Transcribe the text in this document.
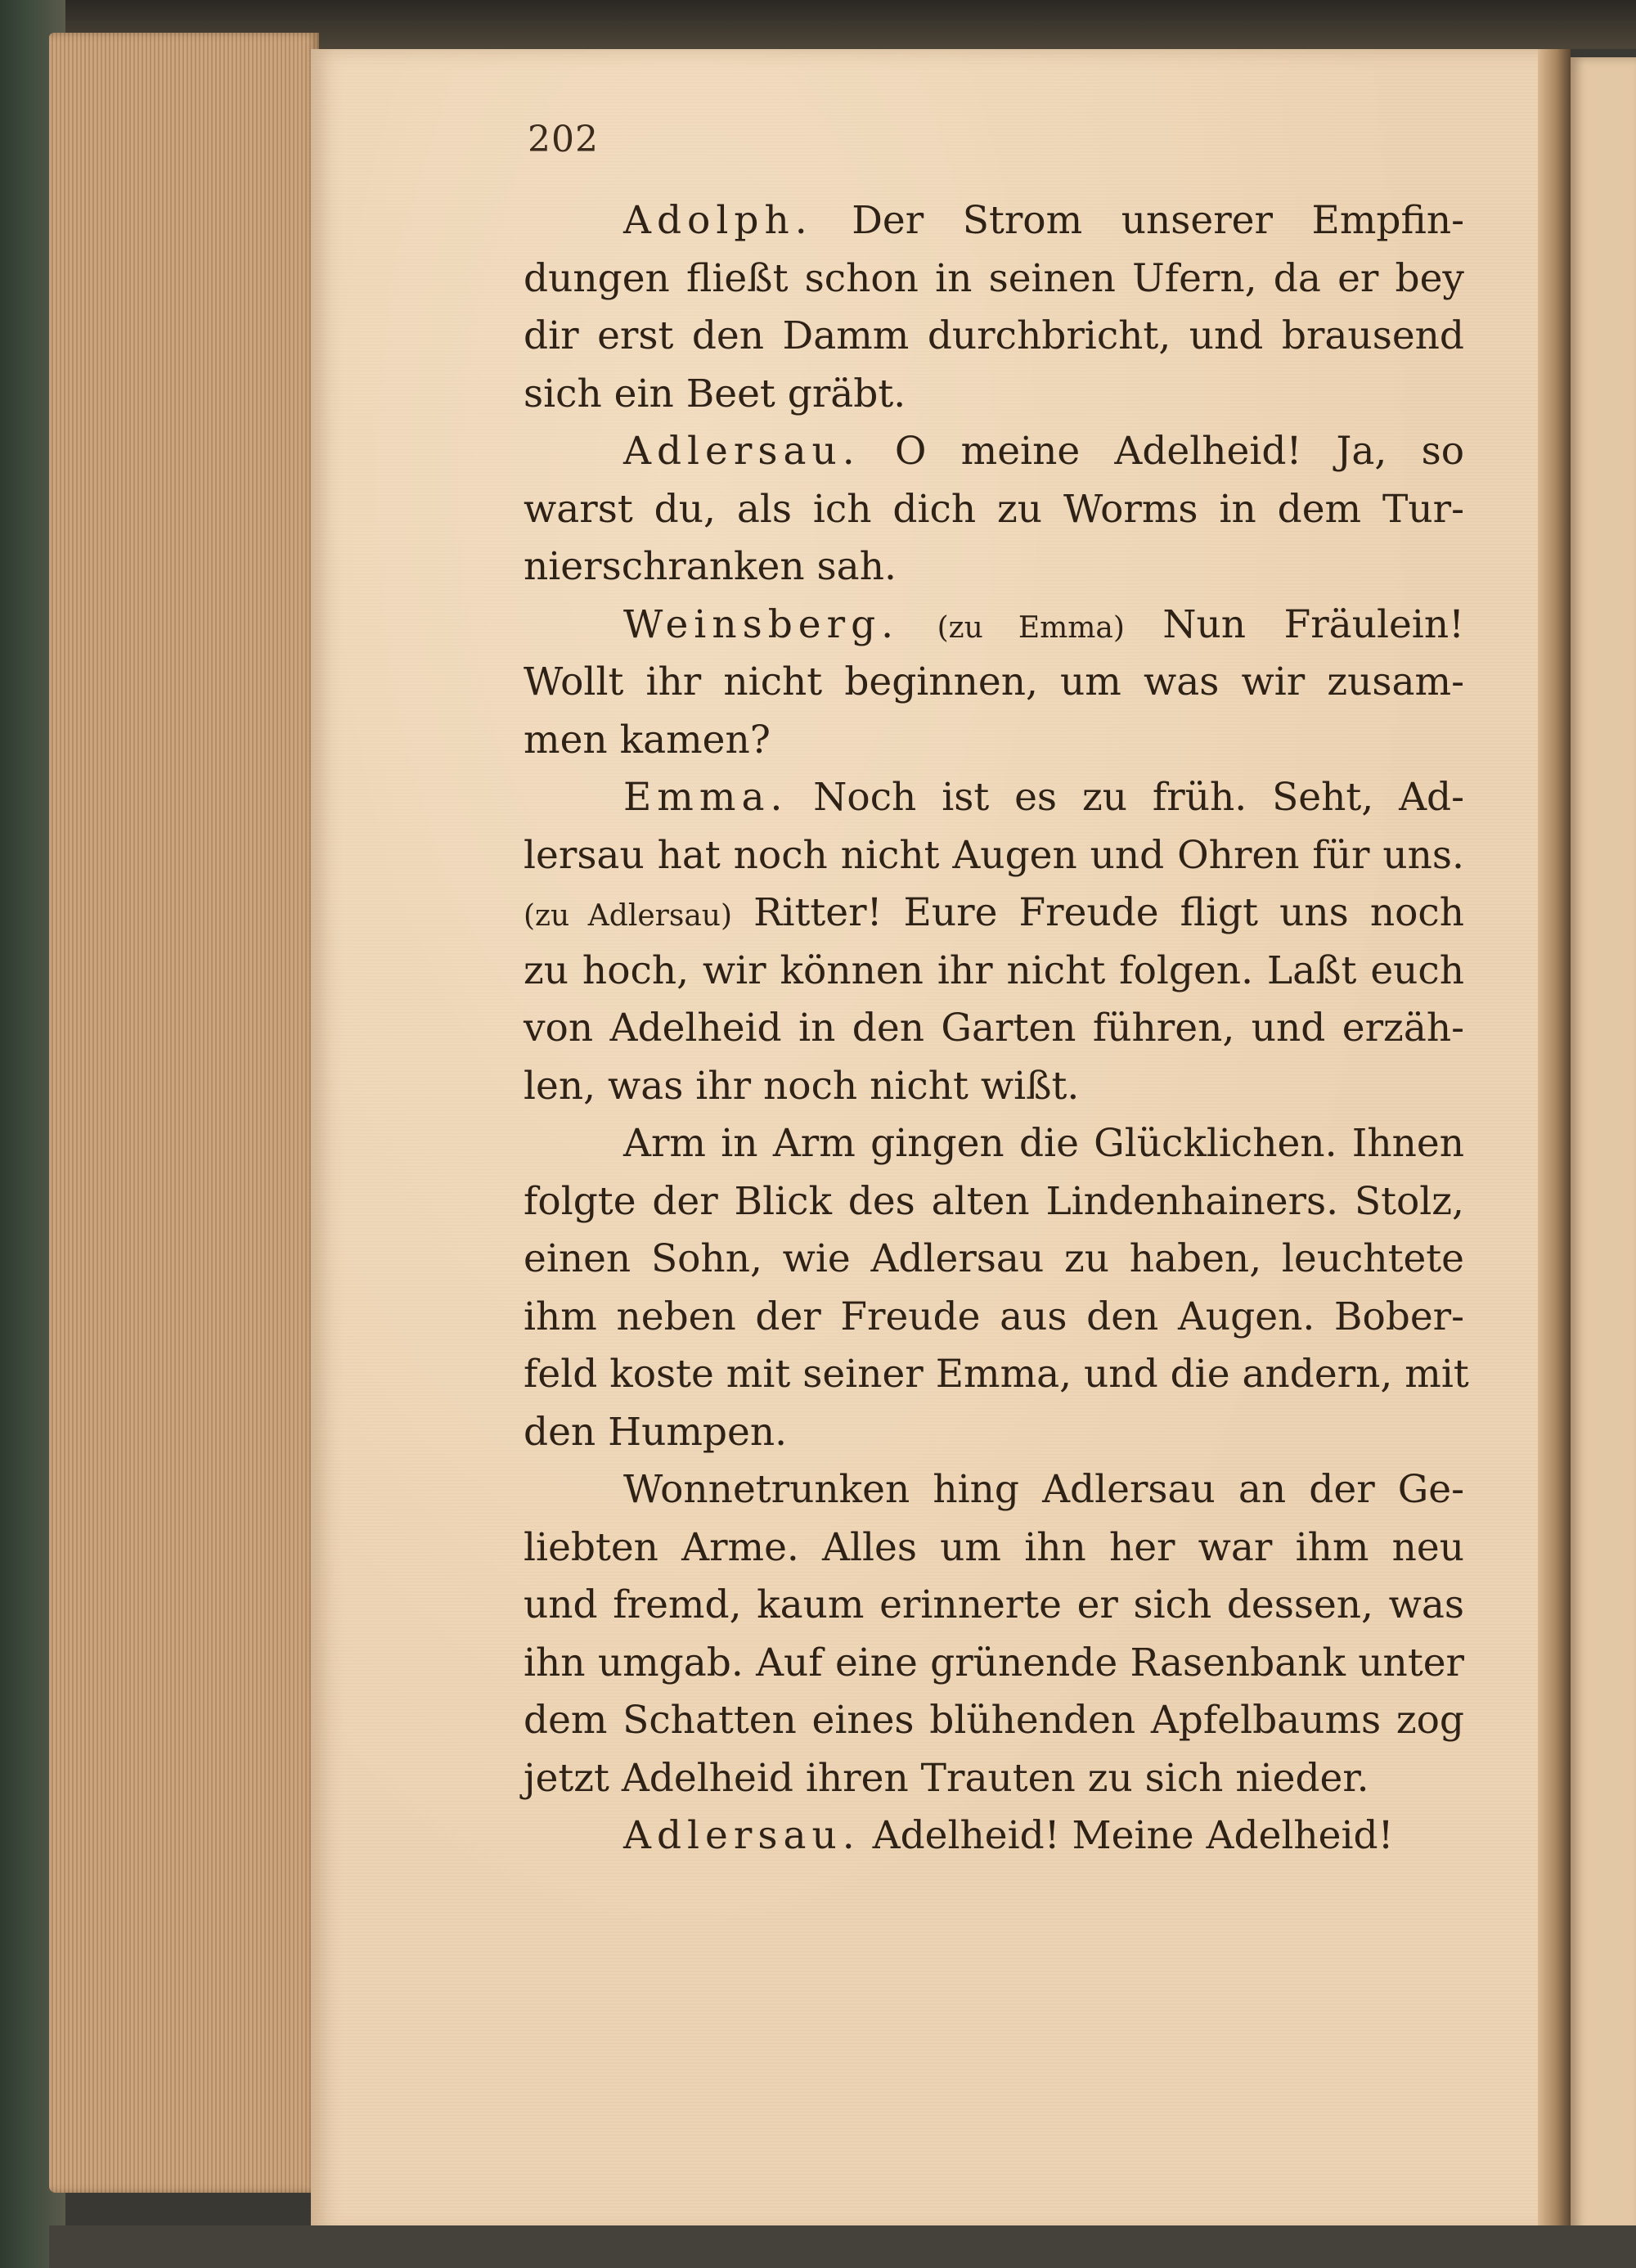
202
Adolph. Der Strom unserer Empfin-
dungen fließt schon in seinen Ufern, da er bey
dir erst den Damm durchbricht, und brausend
sich ein Beet gräbt.
Adlersau. O meine Adelheid! Ja, so
warst du, als ich dich zu Worms in dem Tur-
nierschranken sah.
Weinsberg. (zu Emma) Nun Fräulein!
Wollt ihr nicht beginnen, um was wir zusam-
men kamen?
Emma. Noch ist es zu früh. Seht, Ad-
lersau hat noch nicht Augen und Ohren für uns.
(zu Adlersau) Ritter! Eure Freude fligt uns noch
zu hoch, wir können ihr nicht folgen. Laßt euch
von Adelheid in den Garten führen, und erzäh-
len, was ihr noch nicht wißt.
Arm in Arm gingen die Glücklichen. Ihnen
folgte der Blick des alten Lindenhainers. Stolz,
einen Sohn, wie Adlersau zu haben, leuchtete
ihm neben der Freude aus den Augen. Bober-
feld koste mit seiner Emma, und die andern, mit
den Humpen.
Wonnetrunken hing Adlersau an der Ge-
liebten Arme. Alles um ihn her war ihm neu
und fremd, kaum erinnerte er sich dessen, was
ihn umgab. Auf eine grünende Rasenbank unter
dem Schatten eines blühenden Apfelbaums zog
jetzt Adelheid ihren Trauten zu sich nieder.
Adlersau. Adelheid! Meine Adelheid!
